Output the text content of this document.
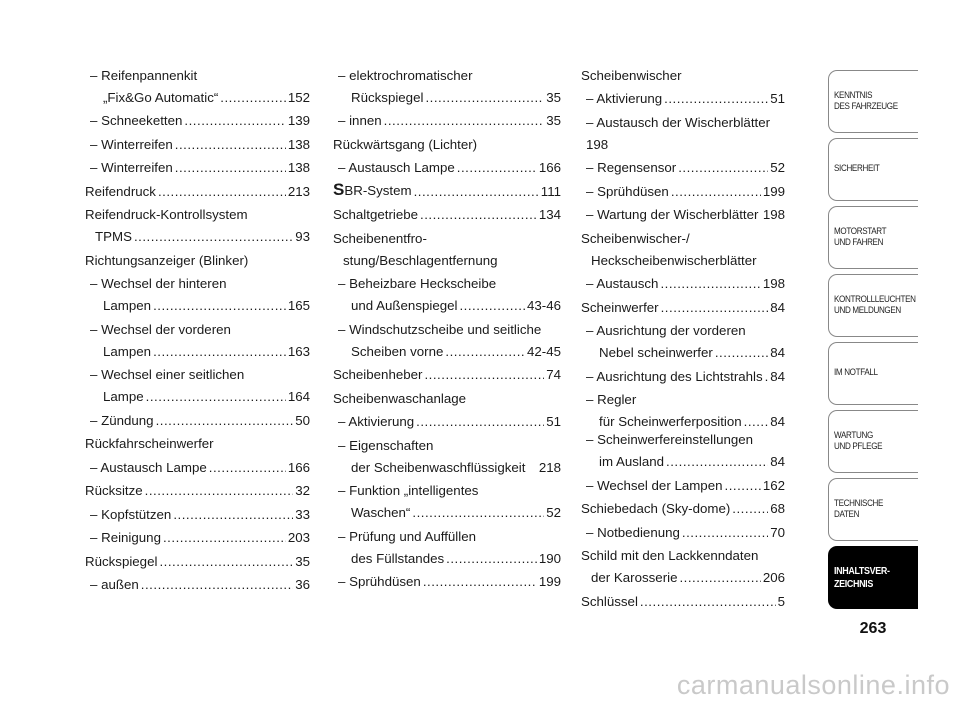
– Reifenpannenkit
„Fix&Go Automatic“ .....	152
– Schneeketten .....	139
– Winterreifen .....	138
– Winterreifen .....	138
Reifendruck .....	213
Reifendruck-Kontrollsystem
TPMS .....	93
Richtungsanzeiger (Blinker)
– Wechsel der hinteren
Lampen .....	165
– Wechsel der vorderen
Lampen .....	163
– Wechsel einer seitlichen
Lampe .....	164
– Zündung .....	50
Rückfahrscheinwerfer
– Austausch Lampe .....	166
Rücksitze .....	32
– Kopfstützen .....	33
– Reinigung .....	203
Rückspiegel .....	35
– außen .....	36
– elektrochromatischer
Rückspiegel .....	35
– innen .....	35
Rückwärtsgang (Lichter)
– Austausch Lampe .....	166
SBR-System .....	111
Schaltgetriebe .....	134
Scheibenentfro-
stung/Beschlagentfernung
– Beheizbare Heckscheibe
und Außenspiegel .....	43-46
– Windschutzscheibe und seitliche
Scheiben vorne .....	42-45
Scheibenheber .....	74
Scheibenwaschanlage
– Aktivierung .....	51
– Eigenschaften
der Scheibenwaschflüssigkeit 218
– Funktion „intelligentes
Waschen“ .....	52
– Prüfung und Auffüllen
des Füllstandes .....	190
– Sprühdüsen .....	199
Scheibenwischer
– Aktivierung .....	51
– Austausch der Wischerblätter
198
– Regensensor .....	52
– Sprühdüsen .....	199
– Wartung der Wischerblätter 198
Scheibenwischer-/
Heckscheibenwischerblätter
– Austausch .....	198
Scheinwerfer .....	84
– Ausrichtung der vorderen
Nebel scheinwerfer .....	84
– Ausrichtung des Lichtstrahls . 84
– Regler
für Scheinwerferposition ..... 84
– Scheinwerfereinstellungen
im Ausland .....	84
– Wechsel der Lampen .....	162
Schiebedach (Sky-dome) .....	68
– Notbedienung .....	70
Schild mit den Lackkenndaten
der Karosserie .....	206
Schlüssel .....	5
KENNTNIS
DES FAHRZEUGE
SICHERHEIT
MOTORSTART
UND FAHREN
KONTROLLLEUCHTEN
UND MELDUNGEN
IM NOTFALL
WARTUNG
UND PFLEGE
TECHNISCHE
DATEN
INHALTSVER-
ZEICHNIS
263
carmanualsonline.info
